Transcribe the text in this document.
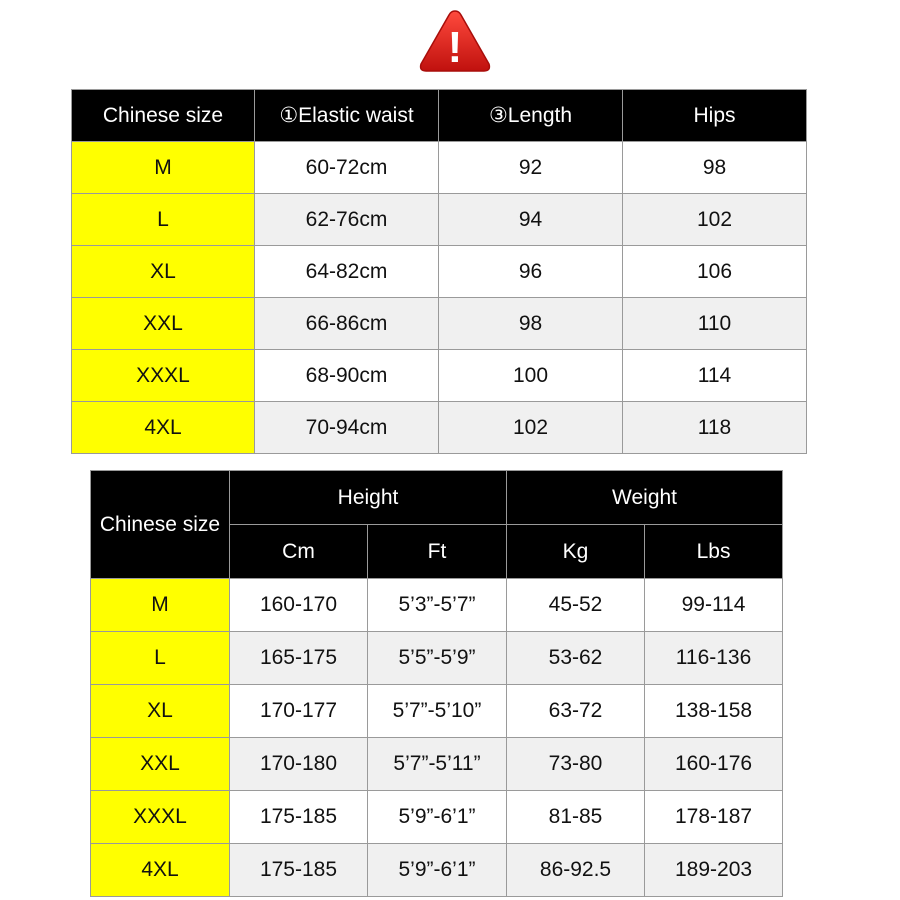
!
Chinese size	①Elastic waist	③Length	Hips
M	60-72cm	92	98
L	62-76cm	94	102
XL	64-82cm	96	106
XXL	66-86cm	98	110
XXXL	68-90cm	100	114
4XL	70-94cm	102	118
Chinese size	Height		Weight	
	Cm	Ft	Kg	Lbs
M	160-170	5’3”-5’7”	45-52	99-114
L	165-175	5’5”-5’9”	53-62	116-136
XL	170-177	5’7”-5’10”	63-72	138-158
XXL	170-180	5’7”-5’11”	73-80	160-176
XXXL	175-185	5’9”-6’1”	81-85	178-187
4XL	175-185	5’9”-6’1”	86-92.5	189-203
